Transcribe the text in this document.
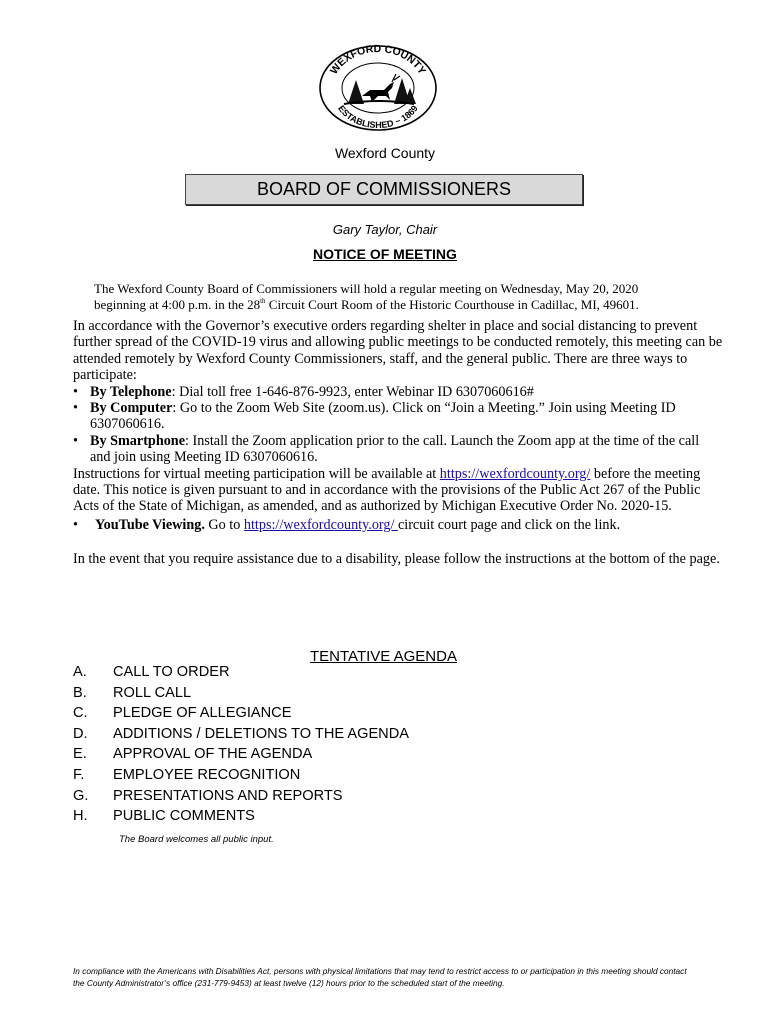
WEXFORD COUNTY
ESTABLISHED ~ 1869
Wexford County
BOARD OF COMMISSIONERS
Gary Taylor, Chair
NOTICE OF MEETING
The Wexford County Board of Commissioners will hold a regular meeting on Wednesday, May 20, 2020
beginning at 4:00 p.m. in the 28th Circuit Court Room of the Historic Courthouse in Cadillac, MI, 49601.

In accordance with the Governor’s executive orders regarding shelter in place and social distancing to prevent further spread of the COVID-19 virus and allowing public meetings to be conducted remotely, this meeting can be attended remotely by Wexford County Commissioners, staff, and the general public. There are three ways to participate:

• By Telephone: Dial toll free 1-646-876-9923, enter Webinar ID 6307060616#
• By Computer: Go to the Zoom Web Site (zoom.us). Click on “Join a Meeting.” Join using Meeting ID 6307060616.
• By Smartphone: Install the Zoom application prior to the call. Launch the Zoom app at the time of the call and join using Meeting ID 6307060616.

Instructions for virtual meeting participation will be available at https://wexfordcounty.org/ before the meeting date. This notice is given pursuant to and in accordance with the provisions of the Public Act 267 of the Public Acts of the State of Michigan, as amended, and as authorized by Michigan Executive Order No. 2020-15.

• YouTube Viewing. Go to https://wexfordcounty.org/ circuit court page and click on the link.

In the event that you require assistance due to a disability, please follow the instructions at the bottom of the page.

TENTATIVE AGENDA
A. CALL TO ORDER
B. ROLL CALL
C. PLEDGE OF ALLEGIANCE
D. ADDITIONS / DELETIONS TO THE AGENDA
E. APPROVAL OF THE AGENDA
F. EMPLOYEE RECOGNITION
G. PRESENTATIONS AND REPORTS
H. PUBLIC COMMENTS
The Board welcomes all public input.
In compliance with the Americans with Disabilities Act, persons with physical limitations that may tend to restrict access to or participation in this meeting should contact the County Administrator’s office (231-779-9453) at least twelve (12) hours prior to the scheduled start of the meeting.
